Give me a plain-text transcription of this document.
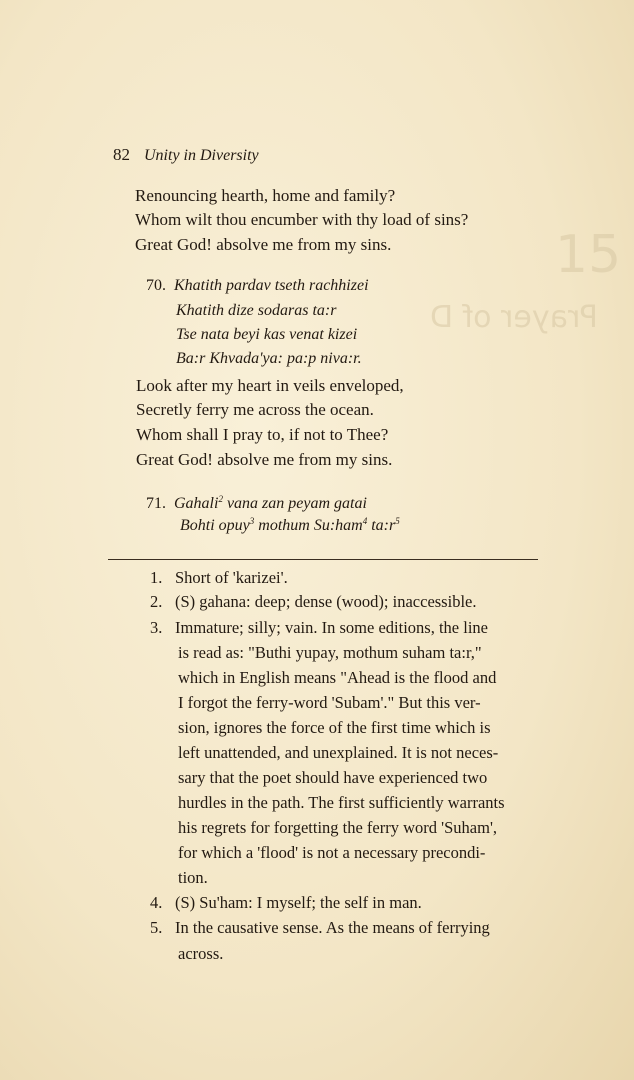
15
Prayer of D
82 Unity in Diversity
Renouncing hearth, home and family?
Whom wilt thou encumber with thy load of sins?
Great God! absolve me from my sins.
70. Khatith pardav tseth rachhizei
Khatith dize sodaras ta:r
Tse nata beyi kas venat kizei
Ba:r Khvada'ya: pa:p niva:r.
Look after my heart in veils enveloped,
Secretly ferry me across the ocean.
Whom shall I pray to, if not to Thee?
Great God! absolve me from my sins.
71. Gahali$^2$ vana zan peyam gatai
Bohti opuy$^3$ mothum Su:ham$^4$ $ta:r^5$
1. Short of 'karizei'.
2. (S) gahana: deep; dense (wood); inaccessible.
3. Immature; silly; vain. In some editions, the line
is read as: "Buthi yupay, mothum suham ta:r,"
which in English means "Ahead is the flood and
I forgot the ferry-word 'Subam'." But this ver-
sion, ignores the force of the first time which is
left unattended, and unexplained. It is not neces-
sary that the poet should have experienced two
hurdles in the path. The first sufficiently warrants
his regrets for forgetting the ferry word 'Suham',
for which a 'flood' is not a necessary precondi-
tion.
4. (S) Su'ham: I myself; the self in man.
5. In the causative sense. As the means of ferrying
across.
